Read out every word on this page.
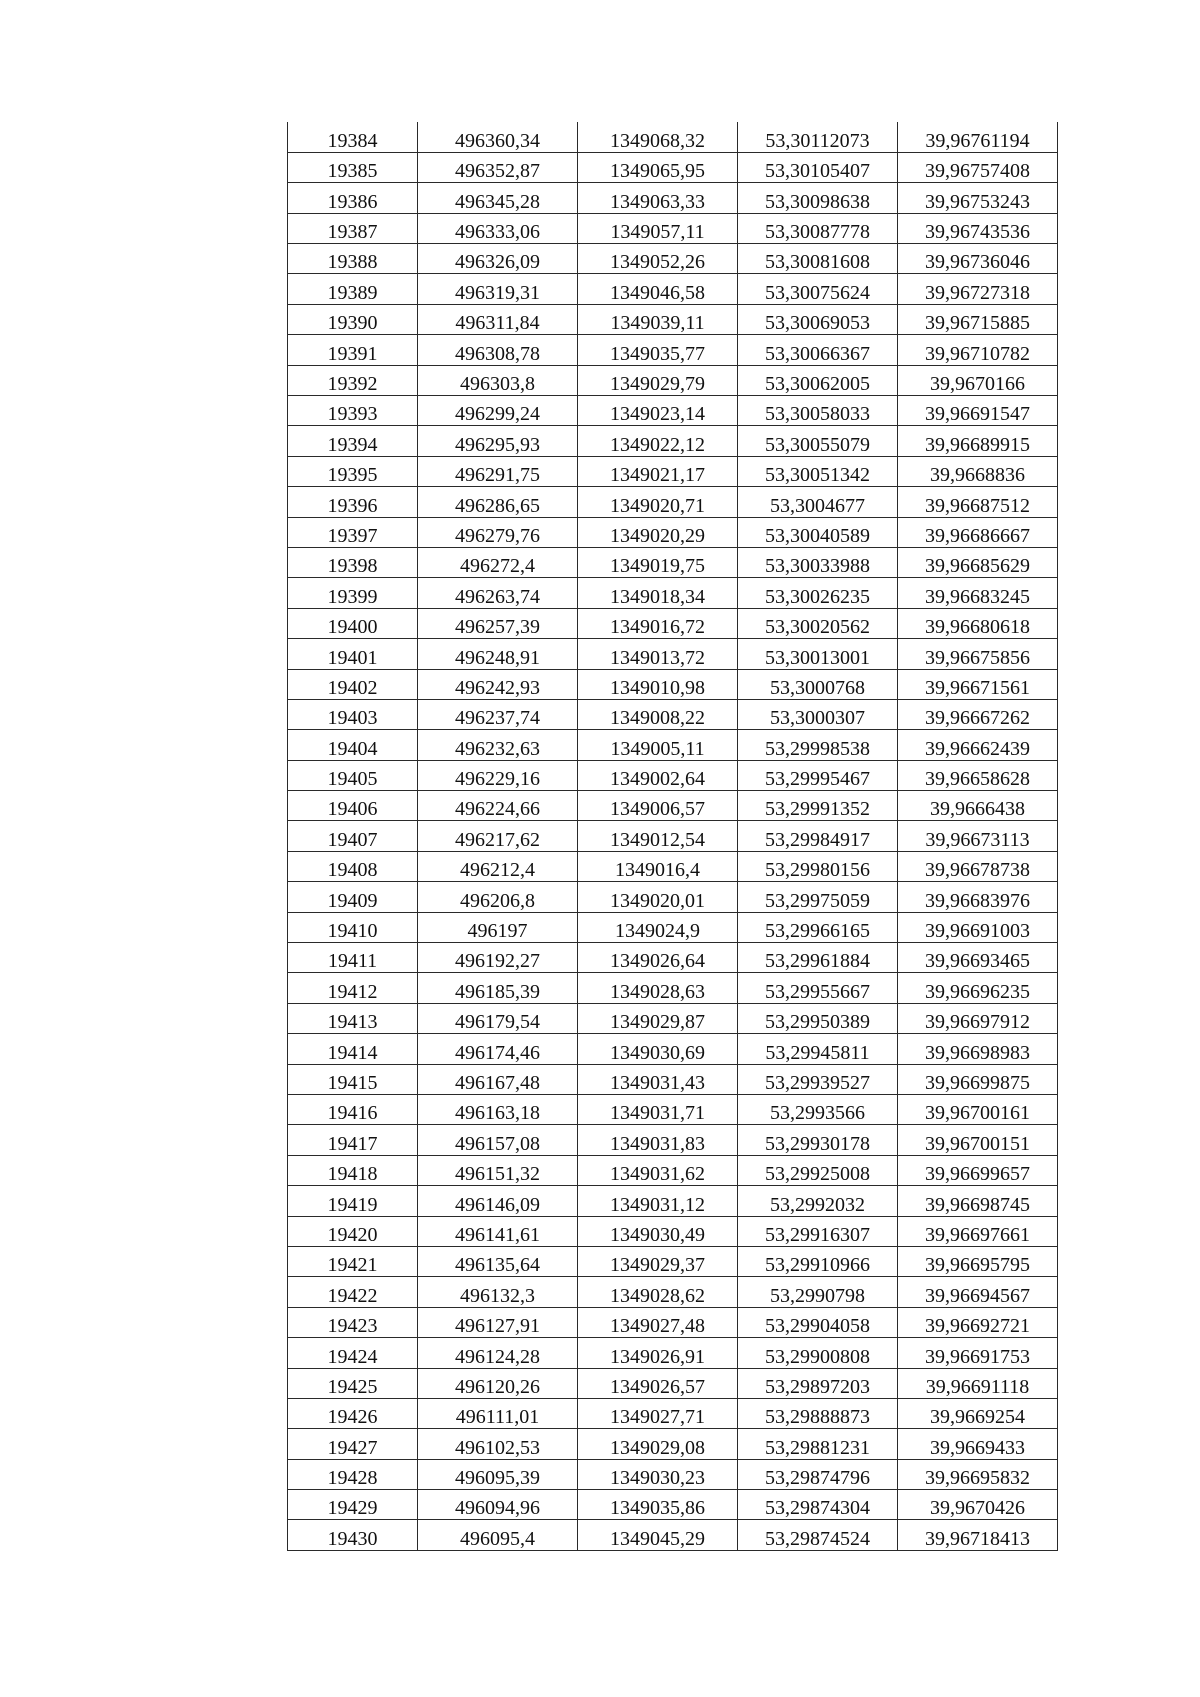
19384	496360,34	1349068,32	53,30112073	39,96761194
19385	496352,87	1349065,95	53,30105407	39,96757408
19386	496345,28	1349063,33	53,30098638	39,96753243
19387	496333,06	1349057,11	53,30087778	39,96743536
19388	496326,09	1349052,26	53,30081608	39,96736046
19389	496319,31	1349046,58	53,30075624	39,96727318
19390	496311,84	1349039,11	53,30069053	39,96715885
19391	496308,78	1349035,77	53,30066367	39,96710782
19392	496303,8	1349029,79	53,30062005	39,9670166
19393	496299,24	1349023,14	53,30058033	39,96691547
19394	496295,93	1349022,12	53,30055079	39,96689915
19395	496291,75	1349021,17	53,30051342	39,9668836
19396	496286,65	1349020,71	53,3004677	39,96687512
19397	496279,76	1349020,29	53,30040589	39,96686667
19398	496272,4	1349019,75	53,30033988	39,96685629
19399	496263,74	1349018,34	53,30026235	39,96683245
19400	496257,39	1349016,72	53,30020562	39,96680618
19401	496248,91	1349013,72	53,30013001	39,96675856
19402	496242,93	1349010,98	53,3000768	39,96671561
19403	496237,74	1349008,22	53,3000307	39,96667262
19404	496232,63	1349005,11	53,29998538	39,96662439
19405	496229,16	1349002,64	53,29995467	39,96658628
19406	496224,66	1349006,57	53,29991352	39,9666438
19407	496217,62	1349012,54	53,29984917	39,96673113
19408	496212,4	1349016,4	53,29980156	39,96678738
19409	496206,8	1349020,01	53,29975059	39,96683976
19410	496197	1349024,9	53,29966165	39,96691003
19411	496192,27	1349026,64	53,29961884	39,96693465
19412	496185,39	1349028,63	53,29955667	39,96696235
19413	496179,54	1349029,87	53,29950389	39,96697912
19414	496174,46	1349030,69	53,29945811	39,96698983
19415	496167,48	1349031,43	53,29939527	39,96699875
19416	496163,18	1349031,71	53,2993566	39,96700161
19417	496157,08	1349031,83	53,29930178	39,96700151
19418	496151,32	1349031,62	53,29925008	39,96699657
19419	496146,09	1349031,12	53,2992032	39,96698745
19420	496141,61	1349030,49	53,29916307	39,96697661
19421	496135,64	1349029,37	53,29910966	39,96695795
19422	496132,3	1349028,62	53,2990798	39,96694567
19423	496127,91	1349027,48	53,29904058	39,96692721
19424	496124,28	1349026,91	53,29900808	39,96691753
19425	496120,26	1349026,57	53,29897203	39,96691118
19426	496111,01	1349027,71	53,29888873	39,9669254
19427	496102,53	1349029,08	53,29881231	39,9669433
19428	496095,39	1349030,23	53,29874796	39,96695832
19429	496094,96	1349035,86	53,29874304	39,9670426
19430	496095,4	1349045,29	53,29874524	39,96718413
